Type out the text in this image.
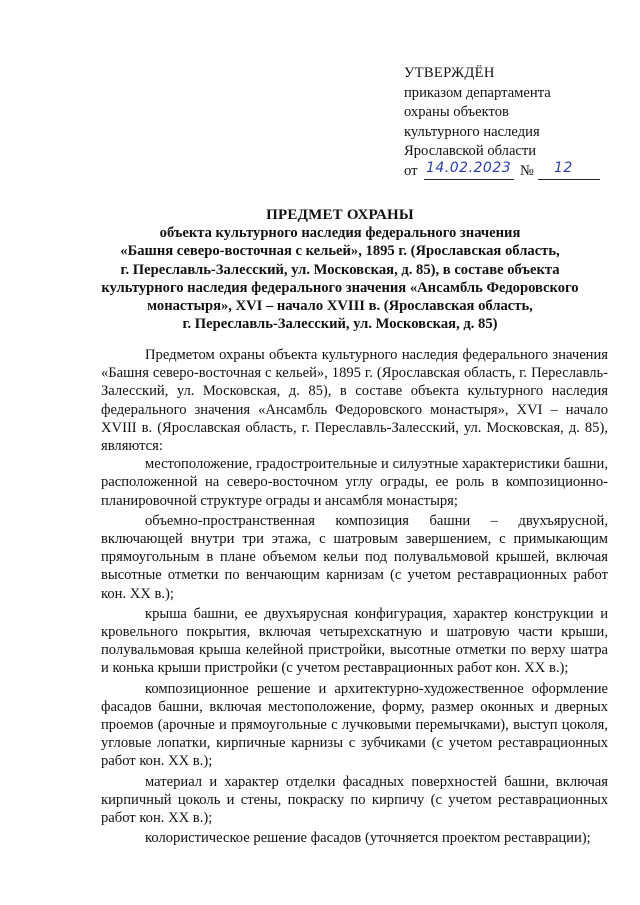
УТВЕРЖДЁН
приказом департамента
охраны объектов
культурного наследия
Ярославской области
от 14.02.2023 № 12
ПРЕДМЕТ ОХРАНЫ
объекта культурного наследия федерального значения
«Башня северо-восточная с кельей», 1895 г. (Ярославская область,
г. Переславль-Залесский, ул. Московская, д. 85), в составе объекта
культурного наследия федерального значения «Ансамбль Федоровского
монастыря», XVI – начало XVIII в. (Ярославская область,
г. Переславль-Залесский, ул. Московская, д. 85)

Предметом охраны объекта культурного наследия федерального значения «Башня северо-восточная с кельей», 1895 г. (Ярославская область, г. Переславль-Залесский, ул. Московская, д. 85), в составе объекта культурного наследия федерального значения «Ансамбль Федоровского монастыря», XVI – начало XVIII в. (Ярославская область, г. Переславль-Залесский, ул. Московская, д. 85), являются:

местоположение, градостроительные и силуэтные характеристики башни, расположенной на северо-восточном углу ограды, ее роль в композиционно-планировочной структуре ограды и ансамбля монастыря;

объемно-пространственная композиция башни – двухъярусной, включающей внутри три этажа, с шатровым завершением, с примыкающим прямоугольным в плане объемом кельи под полувальмовой крышей, включая высотные отметки по венчающим карнизам (с учетом реставрационных работ кон. XX в.);

крыша башни, ее двухъярусная конфигурация, характер конструкции и кровельного покрытия, включая четырехскатную и шатровую части крыши, полувальмовая крыша келейной пристройки, высотные отметки по верху шатра и конька крыши пристройки (с учетом реставрационных работ кон. XX в.);

композиционное решение и архитектурно-художественное оформление фасадов башни, включая местоположение, форму, размер оконных и дверных проемов (арочные и прямоугольные с лучковыми перемычками), выступ цоколя, угловые лопатки, кирпичные карнизы с зубчиками (с учетом реставрационных работ кон. XX в.);

материал и характер отделки фасадных поверхностей башни, включая кирпичный цоколь и стены, покраску по кирпичу (с учетом реставрационных работ кон. XX в.);

колористическое решение фасадов (уточняется проектом реставрации);
